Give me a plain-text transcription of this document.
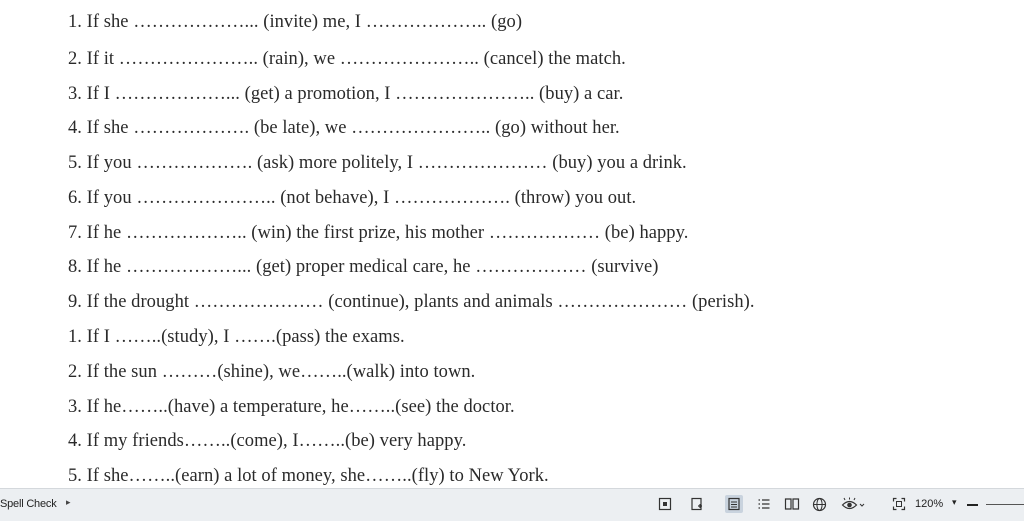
1. If she ………………... (invite) me, I ……………….. (go)
2. If it ………………….. (rain), we ………………….. (cancel) the match.
3. If I ………………... (get) a promotion, I ………………….. (buy) a car.
4. If she ………………. (be late), we ………………….. (go) without her.
5. If you ………………. (ask) more politely, I ………………… (buy) you a drink.
6. If you ………………….. (not behave), I ………………. (throw) you out.
7. If he ……………….. (win) the first prize, his mother ……………… (be) happy.
8. If he ………………... (get) proper medical care, he ……………… (survive)
9. If the drought ………………… (continue), plants and animals ………………… (perish).
1. If I ……..(study), I …….(pass) the exams.
2. If the sun ………(shine), we……..(walk) into town.
3. If he……..(have) a temperature, he……..(see) the doctor.
4. If my friends……..(come), I……..(be) very happy.
5. If she……..(earn) a lot of money, she……..(fly) to New York.
Spell Check ▸	120% ▾
